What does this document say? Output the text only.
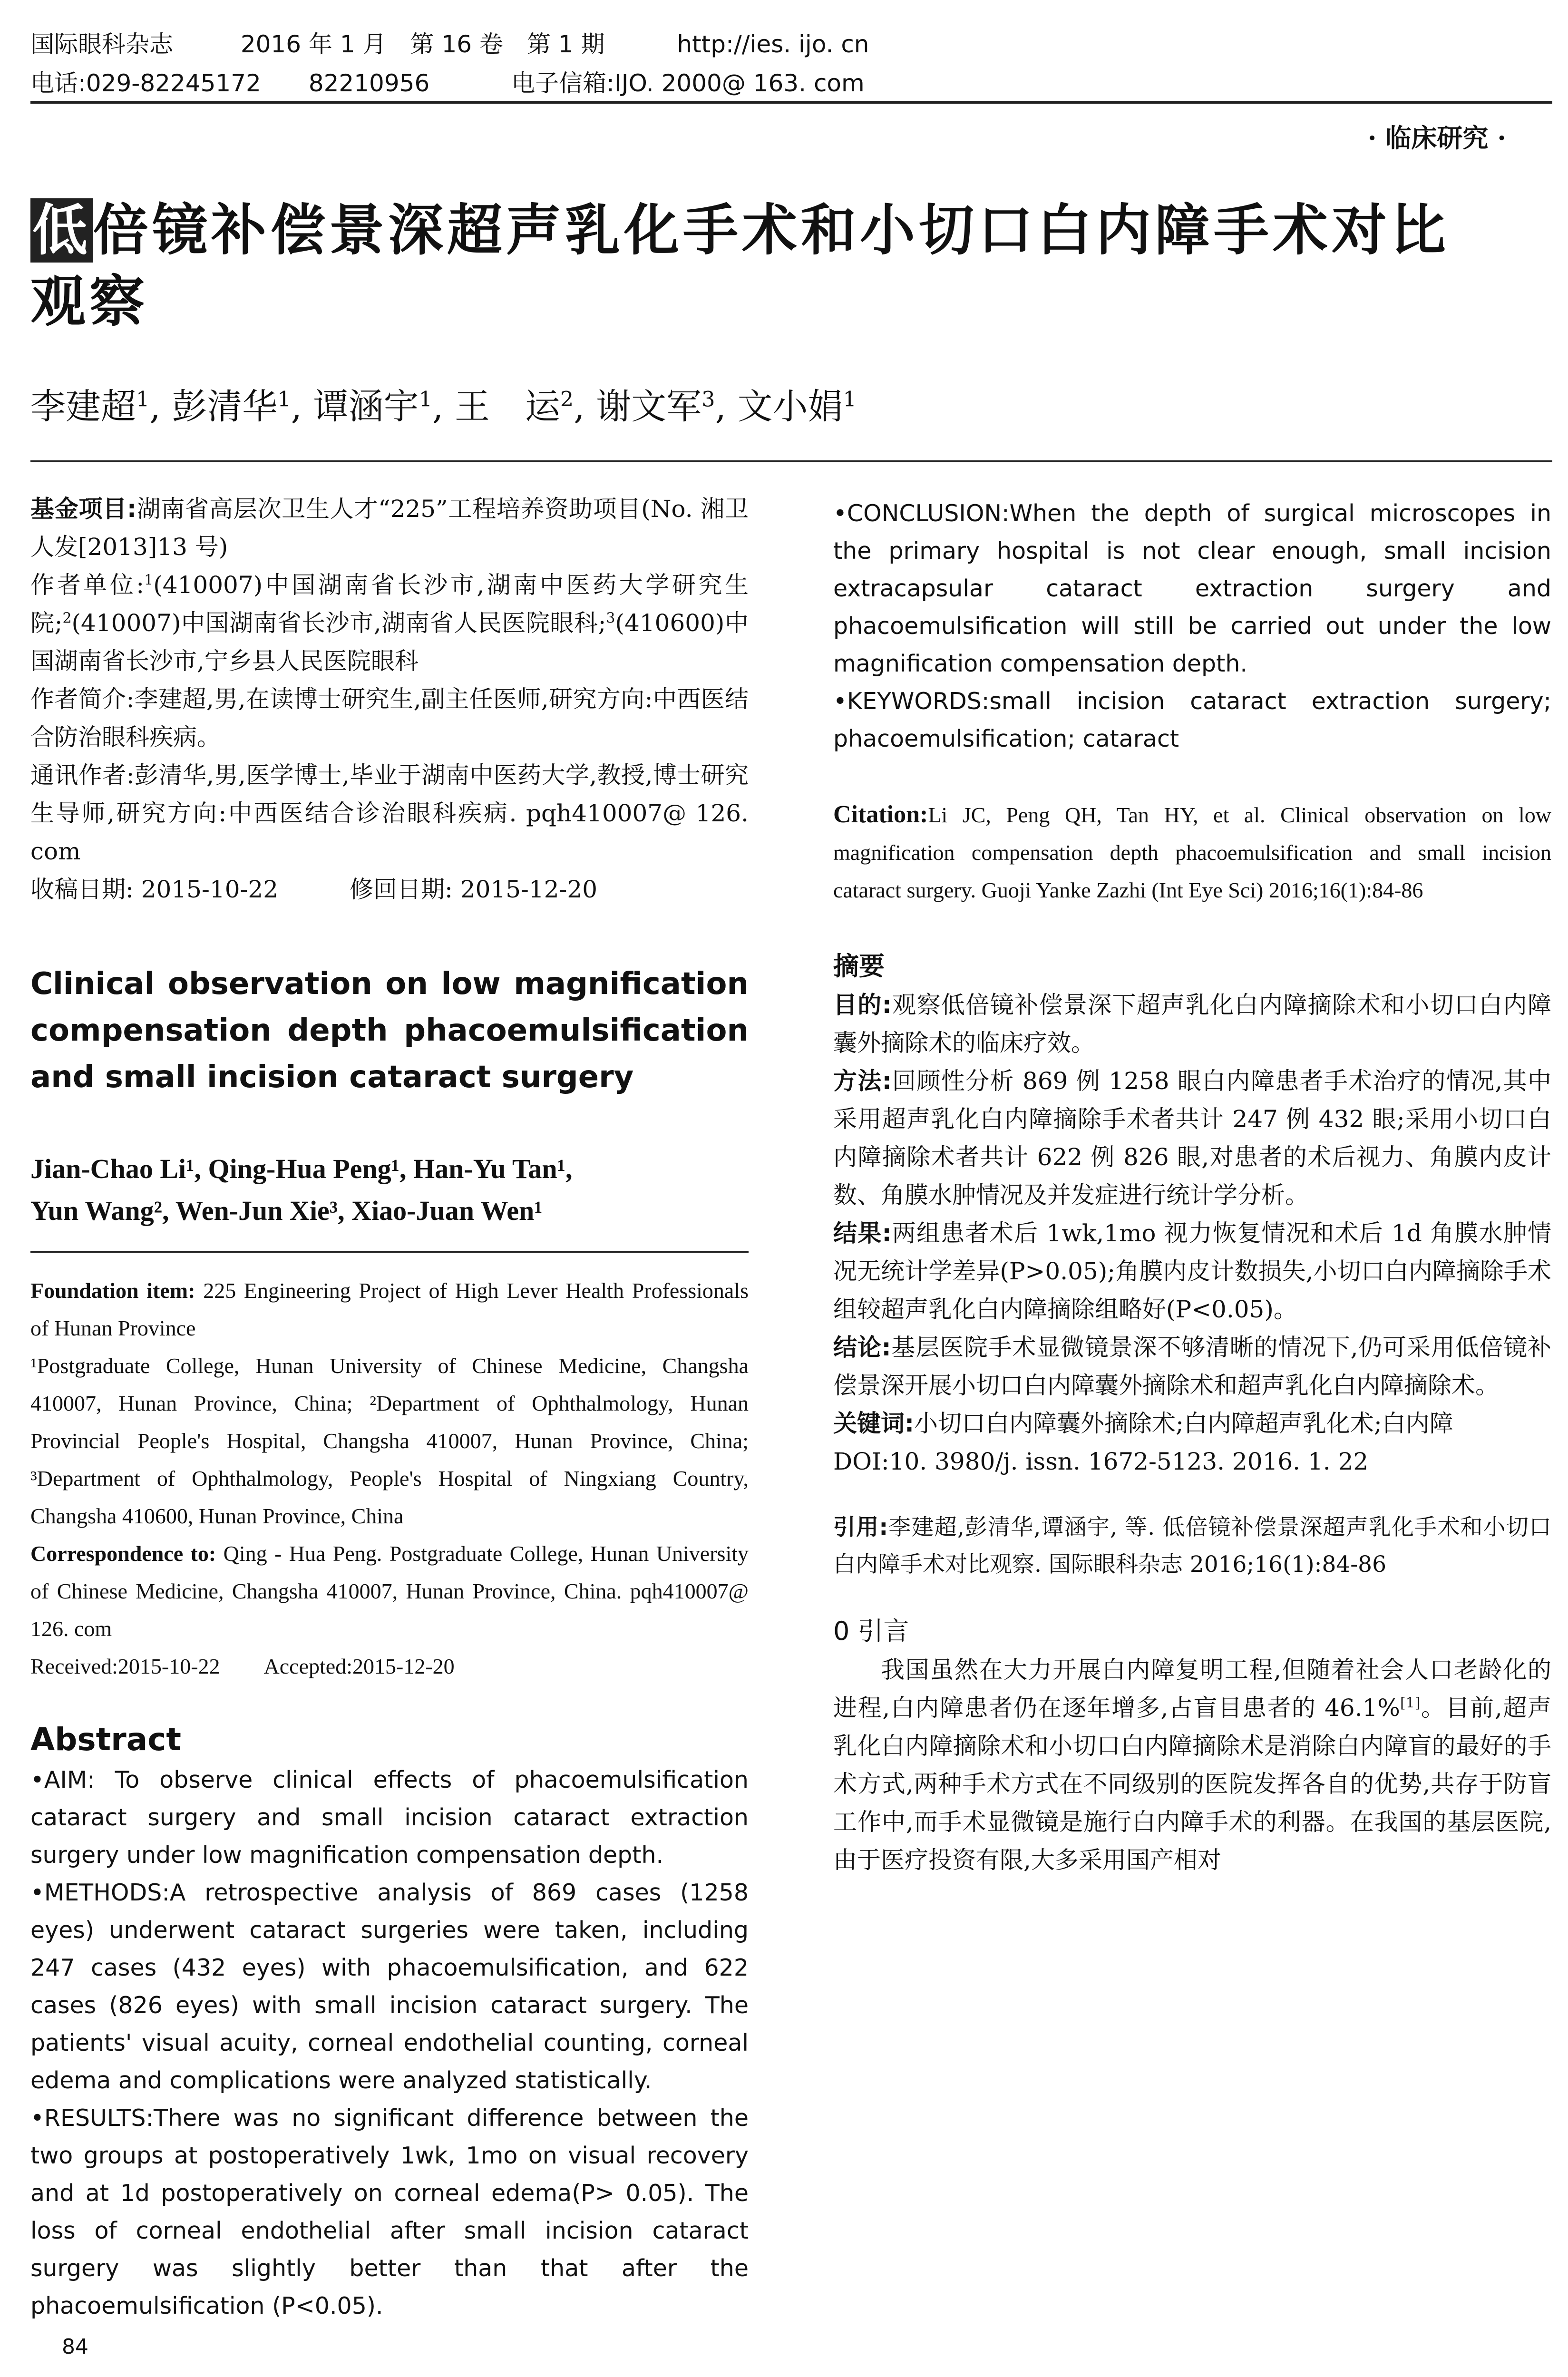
国际眼科杂志	2016 年 1 月　第 16 卷　第 1 期	http://ies. ijo. cn
电话:029-82245172　　82210956	电子信箱:IJO. 2000@ 163. com
· 临床研究 ·
低倍镜补偿景深超声乳化手术和小切口白内障手术对比
观察
李建超$^1$, 彭清华$^1$, 谭涵宇$^1$, 王　运$^2$, 谢文军$^3$, 文小娟$^1$

基金项目:湖南省高层次卫生人才“225”工程培养资助项目(No. 湘卫人发[2013]13 号)

作者单位:$^1$(410007)中国湖南省长沙市,湖南中医药大学研究生院;$^2$(410007)中国湖南省长沙市,湖南省人民医院眼科;$^3$(410600)中国湖南省长沙市,宁乡县人民医院眼科

作者简介:李建超,男,在读博士研究生,副主任医师,研究方向:中西医结合防治眼科疾病。

通讯作者:彭清华,男,医学博士,毕业于湖南中医药大学,教授,博士研究生导师,研究方向:中西医结合诊治眼科疾病. pqh410007@ 126. com

收稿日期: 2015-10-22　　　修回日期: 2015-12-20

Clinical observation on low magnification compensation depth phacoemulsification and small incision cataract surgery
Jian-Chao Li¹, Qing-Hua Peng¹, Han-Yu Tan¹,
Yun Wang², Wen-Jun Xie³, Xiao-Juan Wen¹

Foundation item: 225 Engineering Project of High Lever Health Professionals of Hunan Province

¹Postgraduate College, Hunan University of Chinese Medicine, Changsha 410007, Hunan Province, China; ²Department of Ophthalmology, Hunan Provincial People's Hospital, Changsha 410007, Hunan Province, China; ³Department of Ophthalmology, People's Hospital of Ningxiang Country, Changsha 410600, Hunan Province, China

Correspondence to: Qing - Hua Peng. Postgraduate College, Hunan University of Chinese Medicine, Changsha 410007, Hunan Province, China. pqh410007@ 126. com

Received:2015-10-22　　Accepted:2015-12-20

Abstract

•AIM: To observe clinical effects of phacoemulsification cataract surgery and small incision cataract extraction surgery under low magnification compensation depth.

•METHODS:A retrospective analysis of 869 cases (1258 eyes) underwent cataract surgeries were taken, including 247 cases (432 eyes) with phacoemulsification, and 622 cases (826 eyes) with small incision cataract surgery. The patients' visual acuity, corneal endothelial counting, corneal edema and complications were analyzed statistically.

•RESULTS:There was no significant difference between the two groups at postoperatively 1wk, 1mo on visual recovery and at 1d postoperatively on corneal edema(P> 0.05). The loss of corneal endothelial after small incision cataract surgery was slightly better than that after the phacoemulsification (P<0.05).

•CONCLUSION:When the depth of surgical microscopes in the primary hospital is not clear enough, small incision extracapsular cataract extraction surgery and phacoemulsification will still be carried out under the low magnification compensation depth.

•KEYWORDS:small incision cataract extraction surgery; phacoemulsification; cataract

Citation:Li JC, Peng QH, Tan HY, et al. Clinical observation on low magnification compensation depth phacoemulsification and small incision cataract surgery. Guoji Yanke Zazhi (Int Eye Sci) 2016;16(1):84-86

摘要

目的:观察低倍镜补偿景深下超声乳化白内障摘除术和小切口白内障囊外摘除术的临床疗效。

方法:回顾性分析 869 例 1258 眼白内障患者手术治疗的情况,其中采用超声乳化白内障摘除手术者共计 247 例 432 眼;采用小切口白内障摘除术者共计 622 例 826 眼,对患者的术后视力、角膜内皮计数、角膜水肿情况及并发症进行统计学分析。

结果:两组患者术后 1wk,1mo 视力恢复情况和术后 1d 角膜水肿情况无统计学差异(P>0.05);角膜内皮计数损失,小切口白内障摘除手术组较超声乳化白内障摘除组略好(P<0.05)。

结论:基层医院手术显微镜景深不够清晰的情况下,仍可采用低倍镜补偿景深开展小切口白内障囊外摘除术和超声乳化白内障摘除术。

关键词:小切口白内障囊外摘除术;白内障超声乳化术;白内障

DOI:10. 3980/j. issn. 1672-5123. 2016. 1. 22

引用:李建超,彭清华,谭涵宇, 等. 低倍镜补偿景深超声乳化手术和小切口白内障手术对比观察. 国际眼科杂志 2016;16(1):84-86

0 引言

我国虽然在大力开展白内障复明工程,但随着社会人口老龄化的进程,白内障患者仍在逐年增多,占盲目患者的 46.1%[1]。目前,超声乳化白内障摘除术和小切口白内障摘除术是消除白内障盲的最好的手术方式,两种手术方式在不同级别的医院发挥各自的优势,共存于防盲工作中,而手术显微镜是施行白内障手术的利器。在我国的基层医院,由于医疗投资有限,大多采用国产相对

84
